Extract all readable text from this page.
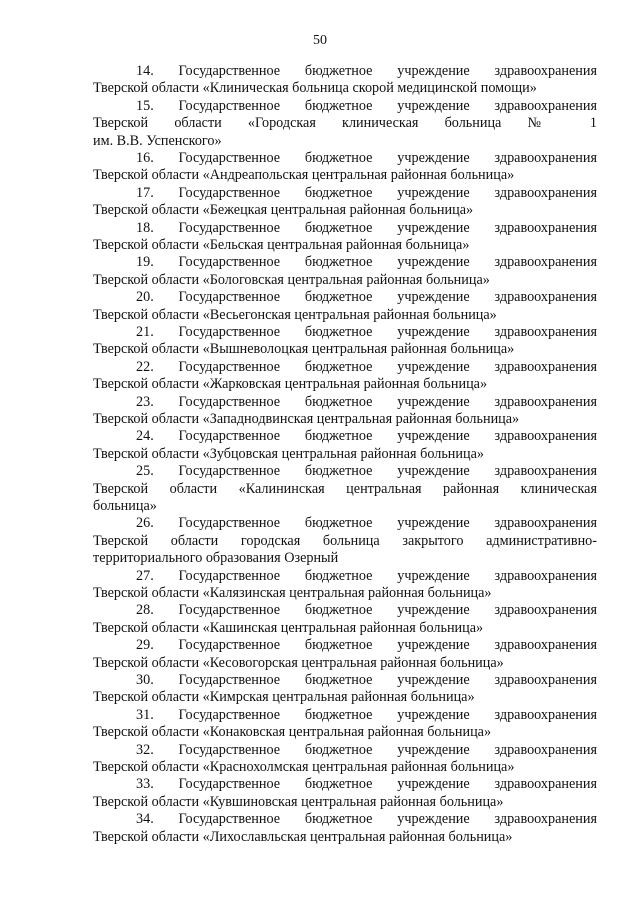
50
14. Государственное бюджетное учреждение здравоохранения
Тверской области «Клиническая больница скорой медицинской помощи»
15. Государственное бюджетное учреждение здравоохранения
Тверской области «Городская клиническая больница № 1
им. В.В. Успенского»
16. Государственное бюджетное учреждение здравоохранения
Тверской области «Андреапольская центральная районная больница»
17. Государственное бюджетное учреждение здравоохранения
Тверской области «Бежецкая центральная районная больница»
18. Государственное бюджетное учреждение здравоохранения
Тверской области «Бельская центральная районная больница»
19. Государственное бюджетное учреждение здравоохранения
Тверской области «Бологовская центральная районная больница»
20. Государственное бюджетное учреждение здравоохранения
Тверской области «Весьегонская центральная районная больница»
21. Государственное бюджетное учреждение здравоохранения
Тверской области «Вышневолоцкая центральная районная больница»
22. Государственное бюджетное учреждение здравоохранения
Тверской области «Жарковская центральная районная больница»
23. Государственное бюджетное учреждение здравоохранения
Тверской области «Западнодвинская центральная районная больница»
24. Государственное бюджетное учреждение здравоохранения
Тверской области «Зубцовская центральная районная больница»
25. Государственное бюджетное учреждение здравоохранения
Тверской области «Калининская центральная районная клиническая
больница»
26. Государственное бюджетное учреждение здравоохранения
Тверской области городская больница закрытого административно-
территориального образования Озерный
27. Государственное бюджетное учреждение здравоохранения
Тверской области «Калязинская центральная районная больница»
28. Государственное бюджетное учреждение здравоохранения
Тверской области «Кашинская центральная районная больница»
29. Государственное бюджетное учреждение здравоохранения
Тверской области «Кесовогорская центральная районная больница»
30. Государственное бюджетное учреждение здравоохранения
Тверской области «Кимрская центральная районная больница»
31. Государственное бюджетное учреждение здравоохранения
Тверской области «Конаковская центральная районная больница»
32. Государственное бюджетное учреждение здравоохранения
Тверской области «Краснохолмская центральная районная больница»
33. Государственное бюджетное учреждение здравоохранения
Тверской области «Кувшиновская центральная районная больница»
34. Государственное бюджетное учреждение здравоохранения
Тверской области «Лихославльская центральная районная больница»
